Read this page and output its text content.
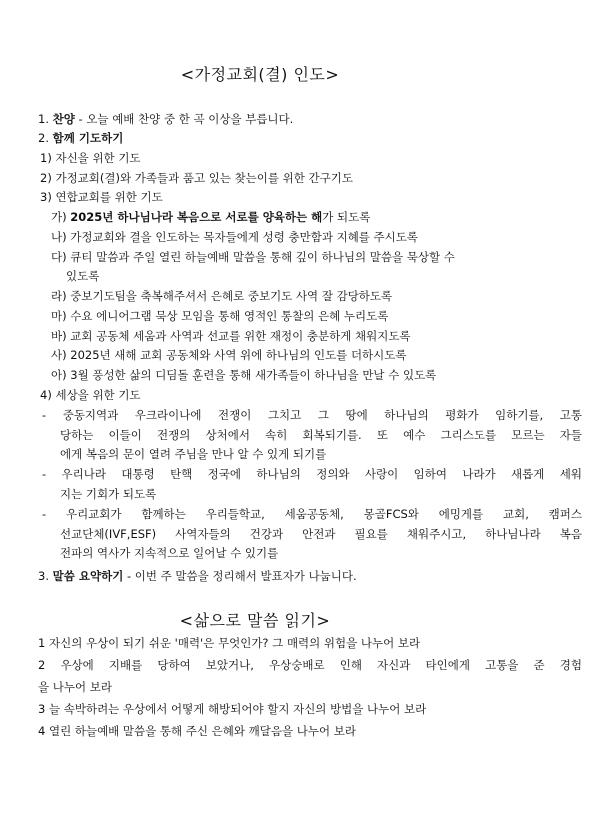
<가정교회(결) 인도>
1. 찬양 - 오늘 예배 찬양 중 한 곡 이상을 부릅니다.
2. 함께 기도하기
1) 자신을 위한 기도
2) 가정교회(결)와 가족들과 품고 있는 찾는이를 위한 간구기도
3) 연합교회를 위한 기도
가) 2025년 하나님나라 복음으로 서로를 양육하는 해가 되도록
나) 가정교회와 결을 인도하는 목자들에게 성령 충만함과 지혜를 주시도록
다) 큐티 말씀과 주일 열린 하늘예배 말씀을 통해 깊이 하나님의 말씀을 묵상할 수
있도록
라) 중보기도팀을 축복해주셔서 은혜로 중보기도 사역 잘 감당하도록
마) 수요 에니어그램 묵상 모임을 통해 영적인 통찰의 은혜 누리도록
바) 교회 공동체 세움과 사역과 선교를 위한 재정이 충분하게 채워지도록
사) 2025년 새해 교회 공동체와 사역 위에 하나님의 인도를 더하시도록
아) 3월 풍성한 삶의 디딤돌 훈련을 통해 새가족들이 하나님을 만날 수 있도록
4) 세상을 위한 기도
- 중동지역과 우크라이나에 전쟁이 그치고 그 땅에 하나님의 평화가 임하기를, 고통
당하는 이들이 전쟁의 상처에서 속히 회복되기를. 또 예수 그리스도를 모르는 자들
에게 복음의 문이 열려 주님을 만나 알 수 있게 되기를
- 우리나라 대통령 탄핵 정국에 하나님의 정의와 사랑이 임하여 나라가 새롭게 세워
지는 기회가 되도록
- 우리교회가 함께하는 우리들학교, 세움공동체, 몽골FCS와 에밍게를 교회, 캠퍼스
선교단체(IVF,ESF) 사역자들의 건강과 안전과 필요를 채워주시고, 하나님나라 복음
전파의 역사가 지속적으로 일어날 수 있기를
3. 말씀 요약하기 - 이번 주 말씀을 정리해서 발표자가 나눕니다.
<삶으로 말씀 읽기>
1 자신의 우상이 되기 쉬운 '매력'은 무엇인가? 그 매력의 위험을 나누어 보라
2 우상에 지배를 당하여 보았거나, 우상숭배로 인해 자신과 타인에게 고통을 준 경험
을 나누어 보라
3 늘 속박하려는 우상에서 어떻게 해방되어야 할지 자신의 방법을 나누어 보라
4 열린 하늘예배 말씀을 통해 주신 은혜와 깨달음을 나누어 보라
